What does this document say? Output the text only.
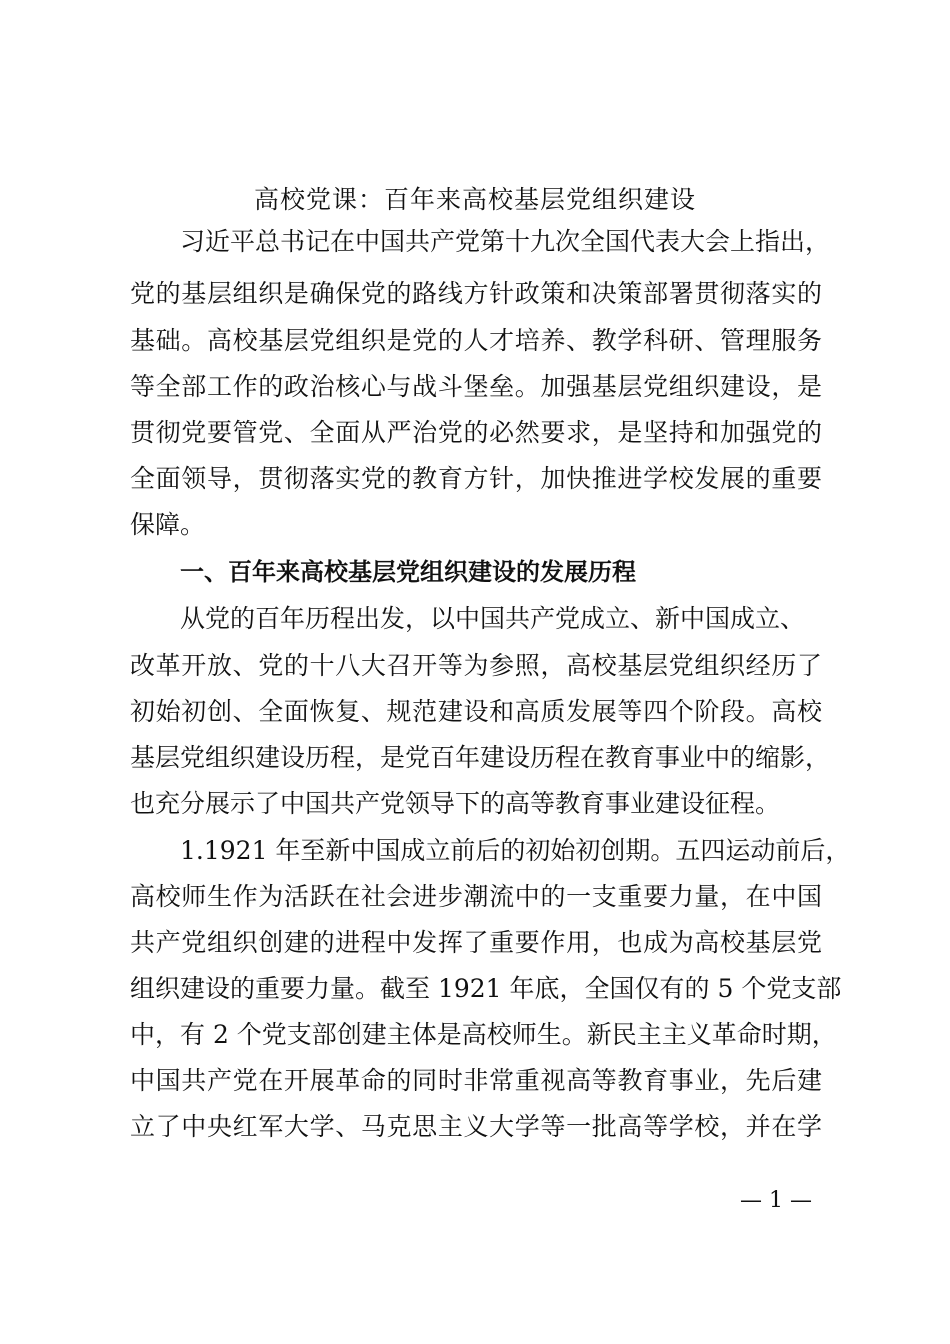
高校党课：百年来高校基层党组织建设
习近平总书记在中国共产党第十九次全国代表大会上指出，
党的基层组织是确保党的路线方针政策和决策部署贯彻落实的
基础。高校基层党组织是党的人才培养、教学科研、管理服务
等全部工作的政治核心与战斗堡垒。加强基层党组织建设，是
贯彻党要管党、全面从严治党的必然要求，是坚持和加强党的
全面领导，贯彻落实党的教育方针，加快推进学校发展的重要
保障。
一、百年来高校基层党组织建设的发展历程
从党的百年历程出发，以中国共产党成立、新中国成立、
改革开放、党的十八大召开等为参照，高校基层党组织经历了
初始初创、全面恢复、规范建设和高质发展等四个阶段。高校
基层党组织建设历程，是党百年建设历程在教育事业中的缩影，
也充分展示了中国共产党领导下的高等教育事业建设征程。
1.1921 年至新中国成立前后的初始初创期。五四运动前后，
高校师生作为活跃在社会进步潮流中的一支重要力量，在中国
共产党组织创建的进程中发挥了重要作用，也成为高校基层党
组织建设的重要力量。截至 1921 年底，全国仅有的 5 个党支部
中，有 2 个党支部创建主体是高校师生。新民主主义革命时期，
中国共产党在开展革命的同时非常重视高等教育事业，先后建
立了中央红军大学、马克思主义大学等一批高等学校，并在学
— 1 —
